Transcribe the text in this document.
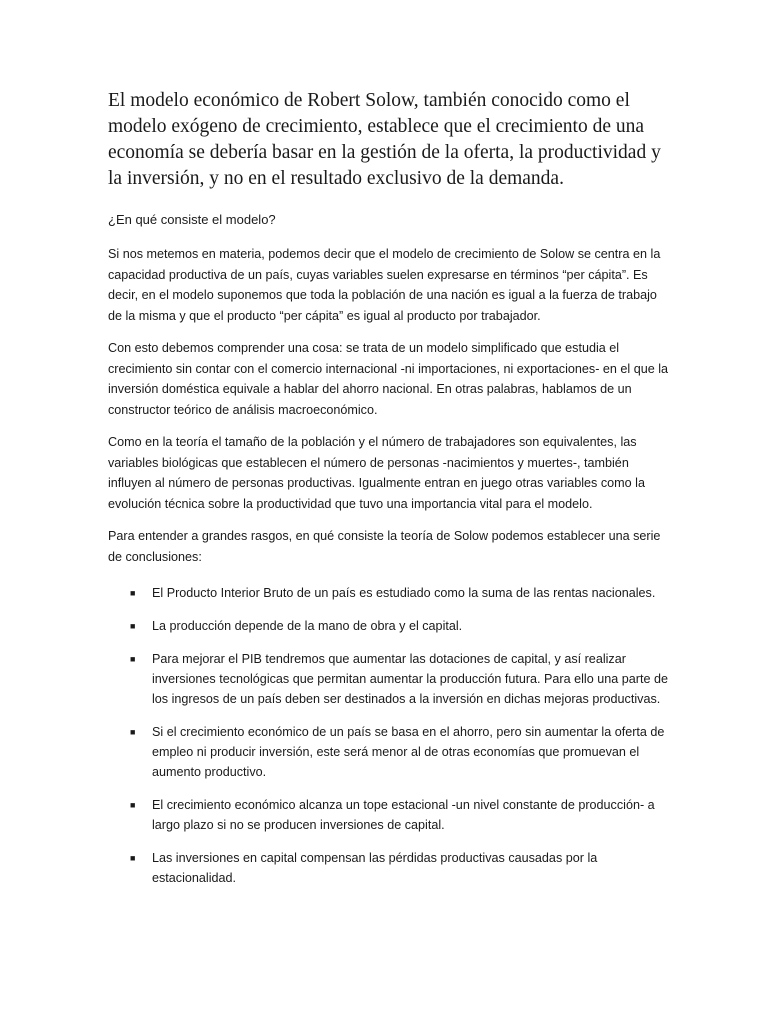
El modelo económico de Robert Solow, también conocido como el modelo exógeno de crecimiento, establece que el crecimiento de una economía se debería basar en la gestión de la oferta, la productividad y la inversión, y no en el resultado exclusivo de la demanda.

¿En qué consiste el modelo?

Si nos metemos en materia, podemos decir que el modelo de crecimiento de Solow se centra en la capacidad productiva de un país, cuyas variables suelen expresarse en términos “per cápita”. Es decir, en el modelo suponemos que toda la población de una nación es igual a la fuerza de trabajo de la misma y que el producto “per cápita” es igual al producto por trabajador.

Con esto debemos comprender una cosa: se trata de un modelo simplificado que estudia el crecimiento sin contar con el comercio internacional -ni importaciones, ni exportaciones- en el que la inversión doméstica equivale a hablar del ahorro nacional. En otras palabras, hablamos de un constructor teórico de análisis macroeconómico.

Como en la teoría el tamaño de la población y el número de trabajadores son equivalentes, las variables biológicas que establecen el número de personas -nacimientos y muertes-, también influyen al número de personas productivas. Igualmente entran en juego otras variables como la evolución técnica sobre la productividad que tuvo una importancia vital para el modelo.

Para entender a grandes rasgos, en qué consiste la teoría de Solow podemos establecer una serie de conclusiones:

■ El Producto Interior Bruto de un país es estudiado como la suma de las rentas nacionales.
■ La producción depende de la mano de obra y el capital.
■ Para mejorar el PIB tendremos que aumentar las dotaciones de capital, y así realizar inversiones tecnológicas que permitan aumentar la producción futura. Para ello una parte de los ingresos de un país deben ser destinados a la inversión en dichas mejoras productivas.
■ Si el crecimiento económico de un país se basa en el ahorro, pero sin aumentar la oferta de empleo ni producir inversión, este será menor al de otras economías que promuevan el aumento productivo.
■ El crecimiento económico alcanza un tope estacional -un nivel constante de producción- a largo plazo si no se producen inversiones de capital.
■ Las inversiones en capital compensan las pérdidas productivas causadas por la estacionalidad.
